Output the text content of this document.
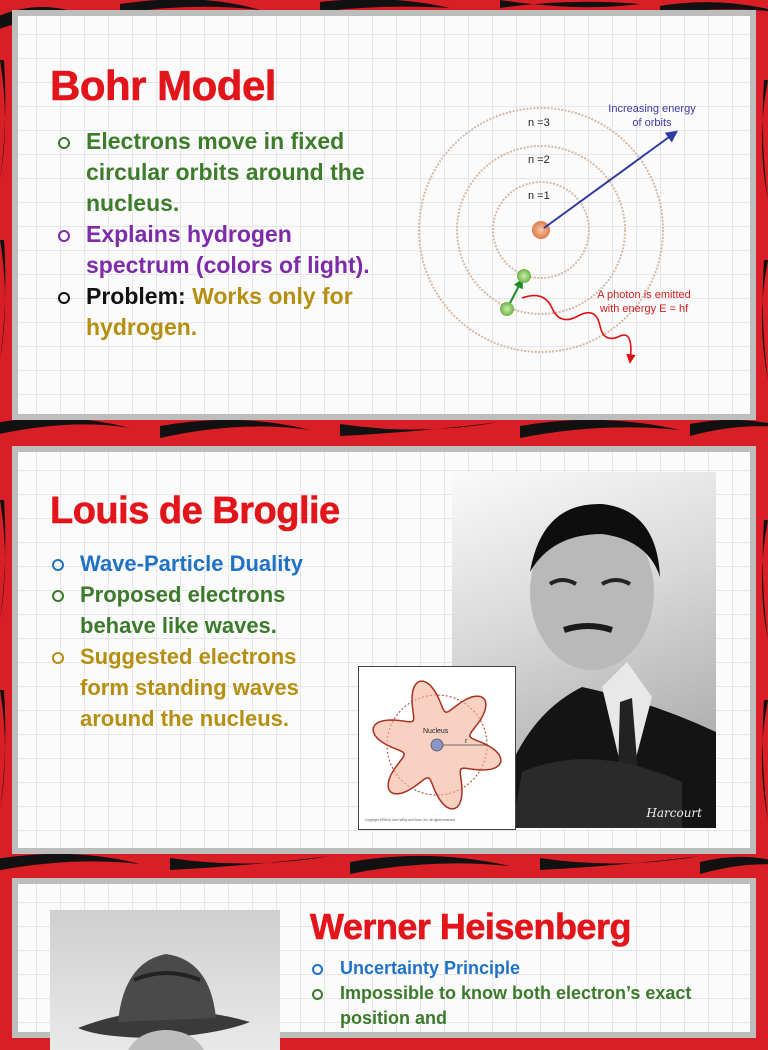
Bohr Model
Electrons move in fixed circular orbits around the nucleus.
Explains hydrogen spectrum (colors of light).
Problem: Works only for hydrogen.
n =3
n =2
n =1
Increasing energy
of orbits
A photon is emitted
with energy E = hf
Louis de Broglie
Wave-Particle Duality
Proposed electrons behave like waves.
Suggested electrons form standing waves around the nucleus.
Harcourt
Nucleus
r
Copyright 1998 by John Wiley and Sons, Inc. All rights reserved.
Werner Heisenberg
Uncertainty Principle
Impossible to know both electron’s exact position and
